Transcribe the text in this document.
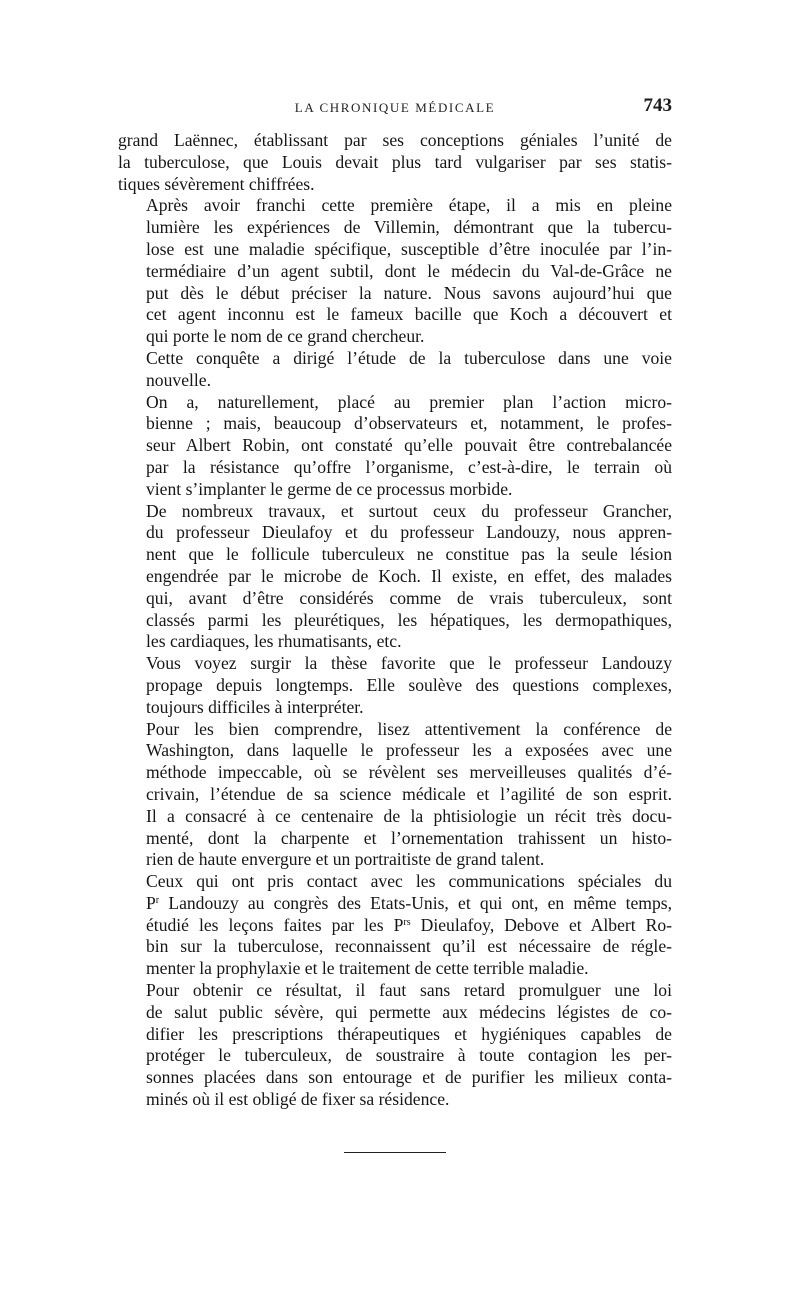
LA CHRONIQUE MÉDICALE	743

grand Laënnec, établissant par ses conceptions géniales l’unité de
la tuberculose, que Louis devait plus tard vulgariser par ses statis-
tiques sévèrement chiffrées.

Après avoir franchi cette première étape, il a mis en pleine
lumière les expériences de Villemin, démontrant que la tubercu-
lose est une maladie spécifique, susceptible d’être inoculée par l’in-
termédiaire d’un agent subtil, dont le médecin du Val-de-Grâce ne
put dès le début préciser la nature. Nous savons aujourd’hui que
cet agent inconnu est le fameux bacille que Koch a découvert et
qui porte le nom de ce grand chercheur.

Cette conquête a dirigé l’étude de la tuberculose dans une voie
nouvelle.

On a, naturellement, placé au premier plan l’action micro-
bienne ; mais, beaucoup d’observateurs et, notamment, le profes-
seur Albert Robin, ont constaté qu’elle pouvait être contrebalancée
par la résistance qu’offre l’organisme, c’est-à-dire, le terrain où
vient s’implanter le germe de ce processus morbide.

De nombreux travaux, et surtout ceux du professeur Grancher,
du professeur Dieulafoy et du professeur Landouzy, nous appren-
nent que le follicule tuberculeux ne constitue pas la seule lésion
engendrée par le microbe de Koch. Il existe, en effet, des malades
qui, avant d’être considérés comme de vrais tuberculeux, sont
classés parmi les pleurétiques, les hépatiques, les dermopathiques,
les cardiaques, les rhumatisants, etc.

Vous voyez surgir la thèse favorite que le professeur Landouzy
propage depuis longtemps. Elle soulève des questions complexes,
toujours difficiles à interpréter.

Pour les bien comprendre, lisez attentivement la conférence de
Washington, dans laquelle le professeur les a exposées avec une
méthode impeccable, où se révèlent ses merveilleuses qualités d’é-
crivain, l’étendue de sa science médicale et l’agilité de son esprit.
Il a consacré à ce centenaire de la phtisiologie un récit très docu-
menté, dont la charpente et l’ornementation trahissent un histo-
rien de haute envergure et un portraitiste de grand talent.

Ceux qui ont pris contact avec les communications spéciales du
$P^r$ Landouzy au congrès des Etats-Unis, et qui ont, en même temps,
étudié les leçons faites par les $P^{rs}$ Dieulafoy, Debove et Albert Ro-
bin sur la tuberculose, reconnaissent qu’il est nécessaire de régle-
menter la prophylaxie et le traitement de cette terrible maladie.

Pour obtenir ce résultat, il faut sans retard promulguer une loi
de salut public sévère, qui permette aux médecins légistes de co-
difier les prescriptions thérapeutiques et hygiéniques capables de
protéger le tuberculeux, de soustraire à toute contagion les per-
sonnes placées dans son entourage et de purifier les milieux conta-
minés où il est obligé de fixer sa résidence.
